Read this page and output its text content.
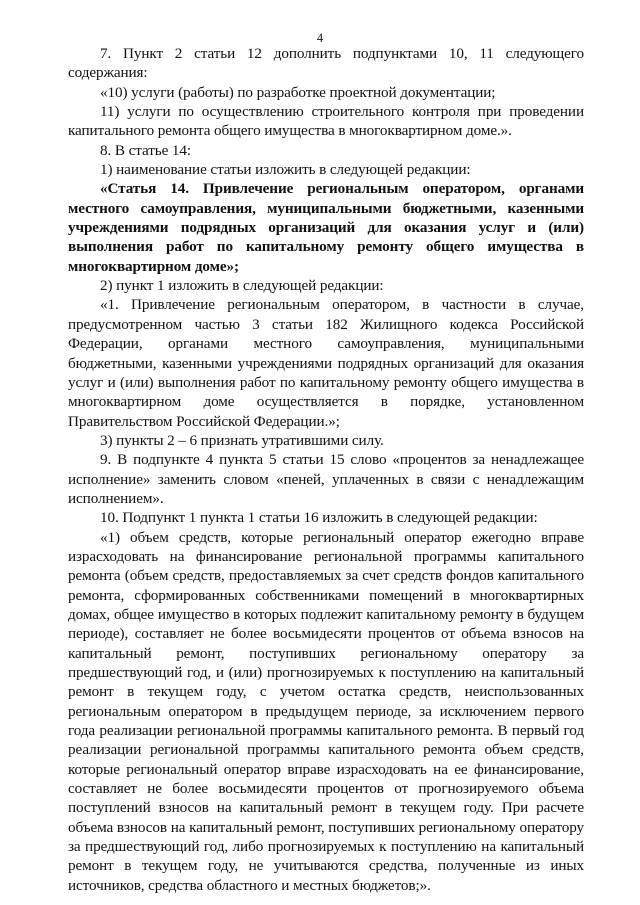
4

7. Пункт 2 статьи 12 дополнить подпунктами 10, 11 следующего содержания:

«10) услуги (работы) по разработке проектной документации;

11) услуги по осуществлению строительного контроля при проведении капитального ремонта общего имущества в многоквартирном доме.».

8. В статье 14:

1) наименование статьи изложить в следующей редакции:

«Статья 14. Привлечение региональным оператором, органами местного самоуправления, муниципальными бюджетными, казенными учреждениями подрядных организаций для оказания услуг и (или) выполнения работ по капитальному ремонту общего имущества в многоквартирном доме»;

2) пункт 1 изложить в следующей редакции:

«1. Привлечение региональным оператором, в частности в случае, предусмотренном частью 3 статьи 182 Жилищного кодекса Российской Федерации, органами местного самоуправления, муниципальными бюджетными, казенными учреждениями подрядных организаций для оказания услуг и (или) выполнения работ по капитальному ремонту общего имущества в многоквартирном доме осуществляется в порядке, установленном Правительством Российской Федерации.»;

3) пункты 2 – 6 признать утратившими силу.

9. В подпункте 4 пункта 5 статьи 15 слово «процентов за ненадлежащее исполнение» заменить словом «пеней, уплаченных в связи с ненадлежащим исполнением».

10. Подпункт 1 пункта 1 статьи 16 изложить в следующей редакции:

«1) объем средств, которые региональный оператор ежегодно вправе израсходовать на финансирование региональной программы капитального ремонта (объем средств, предоставляемых за счет средств фондов капитального ремонта, сформированных собственниками помещений в многоквартирных домах, общее имущество в которых подлежит капитальному ремонту в будущем периоде), составляет не более восьмидесяти процентов от объема взносов на капитальный ремонт, поступивших региональному оператору за предшествующий год, и (или) прогнозируемых к поступлению на капитальный ремонт в текущем году, с учетом остатка средств, неиспользованных региональным оператором в предыдущем периоде, за исключением первого года реализации региональной программы капитального ремонта. В первый год реализации региональной программы капитального ремонта объем средств, которые региональный оператор вправе израсходовать на ее финансирование, составляет не более восьмидесяти процентов от прогнозируемого объема поступлений взносов на капитальный ремонт в текущем году. При расчете объема взносов на капитальный ремонт, поступивших региональному оператору за предшествующий год, либо прогнозируемых к поступлению на капитальный ремонт в текущем году, не учитываются средства, полученные из иных источников, средства областного и местных бюджетов;».
